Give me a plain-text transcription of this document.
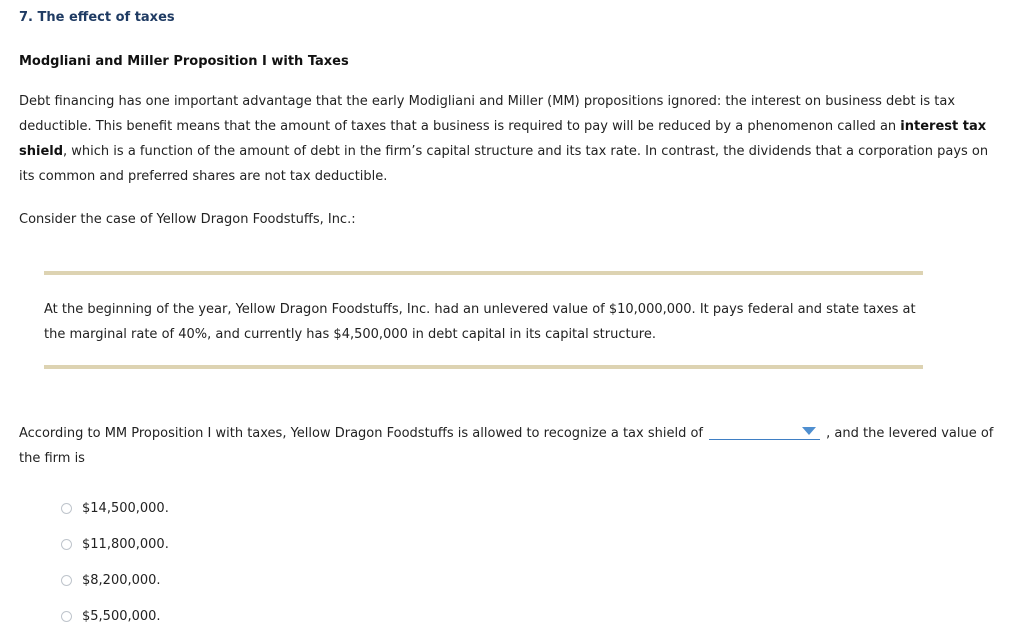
7. The effect of taxes
Modgliani and Miller Proposition I with Taxes

Debt financing has one important advantage that the early Modigliani and Miller (MM) propositions ignored: the interest on business debt is tax deductible. This benefit means that the amount of taxes that a business is required to pay will be reduced by a phenomenon called an interest tax shield, which is a function of the amount of debt in the firm’s capital structure and its tax rate. In contrast, the dividends that a corporation pays on its common and preferred shares are not tax deductible.

Consider the case of Yellow Dragon Foodstuffs, Inc.:

At the beginning of the year, Yellow Dragon Foodstuffs, Inc. had an unlevered value of $10,000,000. It pays federal and state taxes at the marginal rate of 40%, and currently has $4,500,000 in debt capital in its capital structure.

According to MM Proposition I with taxes, Yellow Dragon Foodstuffs is allowed to recognize a tax shield of	, and the levered value of the firm is

$14,500,000.
$11,800,000.
$8,200,000.
$5,500,000.
